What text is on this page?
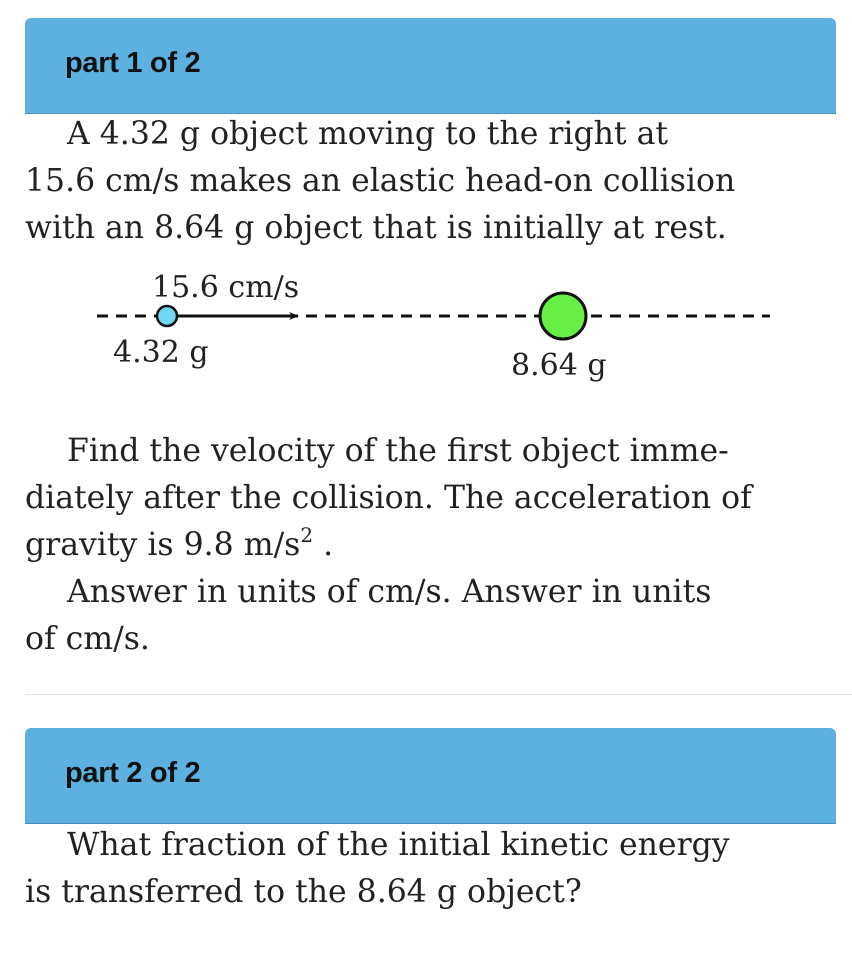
part 1 of 2
A 4.32 g object moving to the right at
15.6 cm/s makes an elastic head-on collision
with an 8.64 g object that is initially at rest.
15.6 cm/s
4.32 g	8.64 g
Find the velocity of the first object imme-
diately after the collision. The acceleration of
gravity is 9.8 $m/s^2$ .
Answer in units of cm/s. Answer in units
of cm/s.
part 2 of 2
What fraction of the initial kinetic energy
is transferred to the 8.64 g object?
